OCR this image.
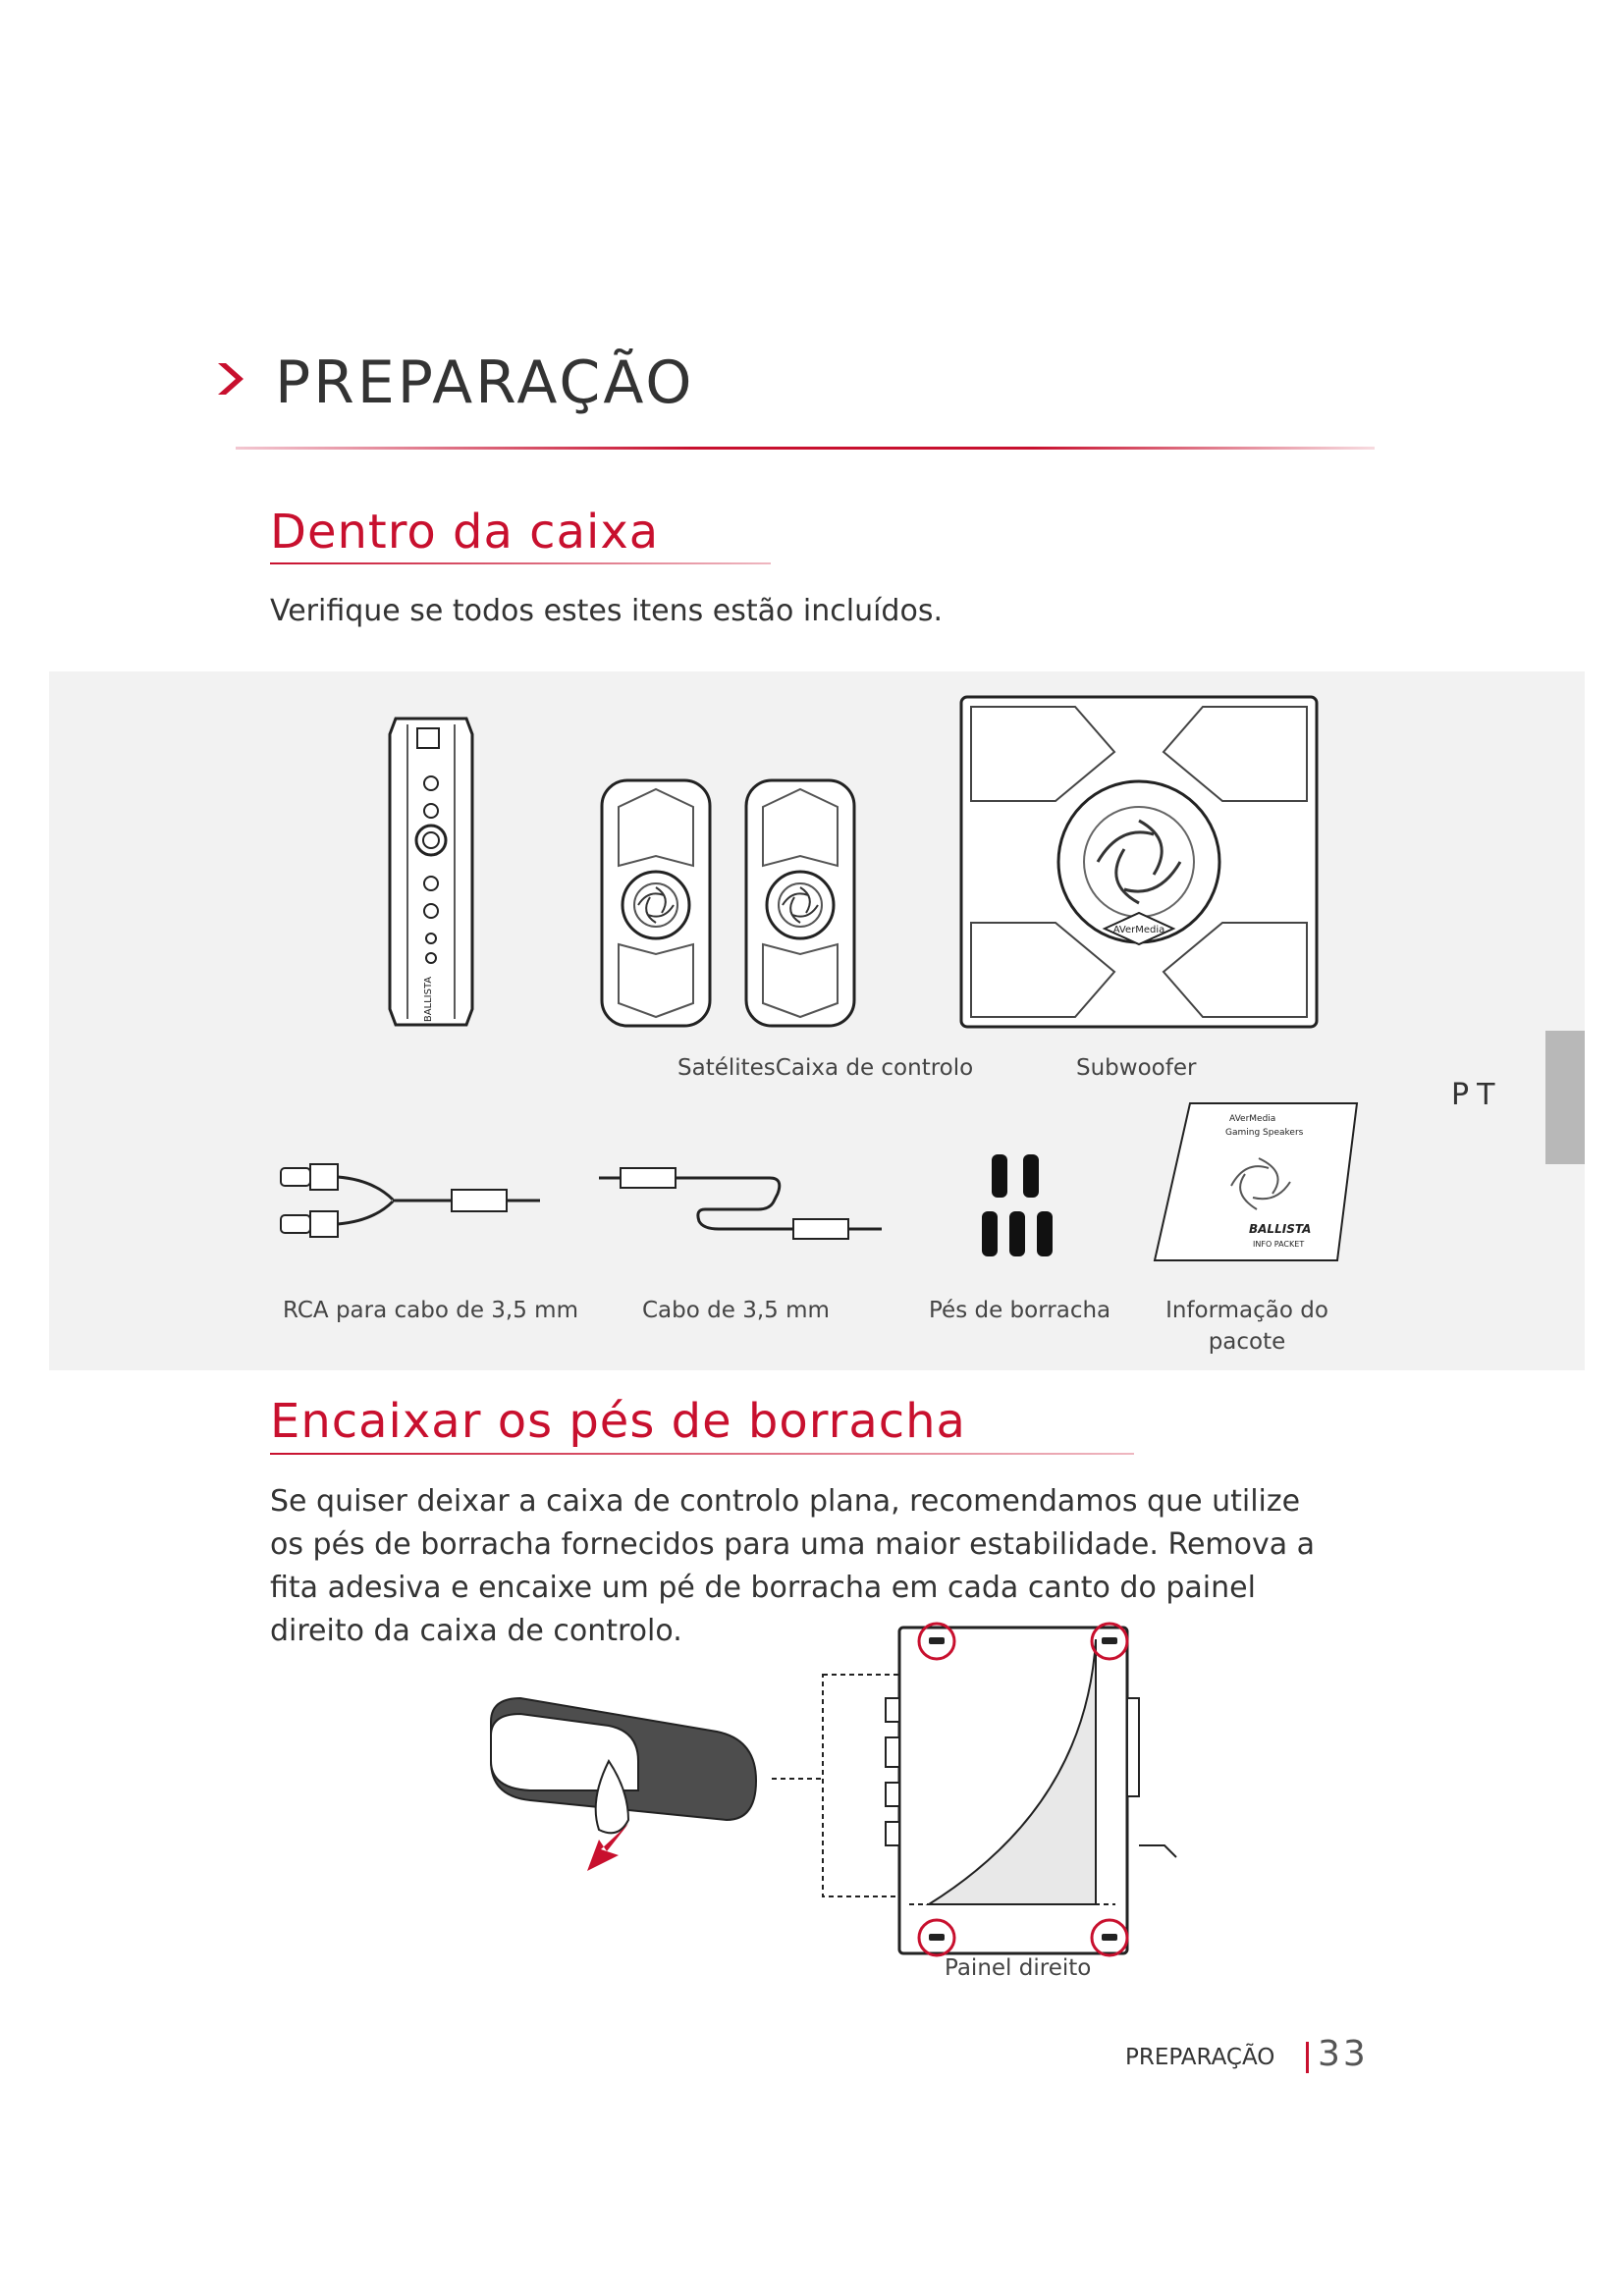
PREPARAÇÃO
Dentro da caixa
Verifique se todos estes itens estão incluídos.
PT
BALLISTA
AVerMedia
SatélitesCaixa de controlo	Subwoofer
AVerMedia
Gaming Speakers
BALLISTA
INFO PACKET
RCA para cabo de 3,5 mm	Cabo de 3,5 mm	Pés de borracha	Informação do pacote
Encaixar os pés de borracha

Se quiser deixar a caixa de controlo plana, recomendamos que utilize os pés de borracha fornecidos para uma maior estabilidade. Remova a fita adesiva e encaixe um pé de borracha em cada canto do painel direito da caixa de controlo.

Painel direito
PREPARAÇÃO 33
